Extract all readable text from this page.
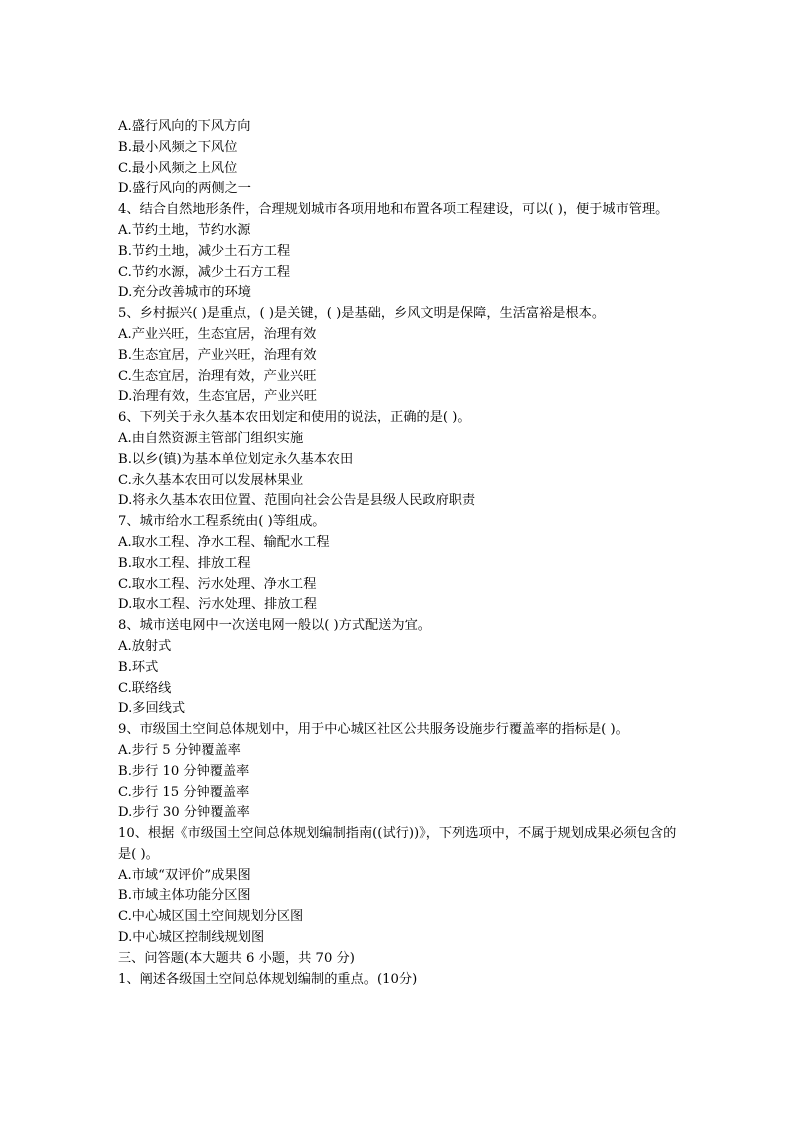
A.盛行风向的下风方向
B.最小风频之下风位
C.最小风频之上风位
D.盛行风向的两侧之一
4、结合自然地形条件，合理规划城市各项用地和布置各项工程建设，可以( )，便于城市管理。
A.节约土地，节约水源
B.节约土地，减少土石方工程
C.节约水源，减少土石方工程
D.充分改善城市的环境
5、乡村振兴( )是重点，( )是关键，( )是基础，乡风文明是保障，生活富裕是根本。
A.产业兴旺，生态宜居，治理有效
B.生态宜居，产业兴旺，治理有效
C.生态宜居，治理有效，产业兴旺
D.治理有效，生态宜居，产业兴旺
6、下列关于永久基本农田划定和使用的说法，正确的是( )。
A.由自然资源主管部门组织实施
B.以乡(镇)为基本单位划定永久基本农田
C.永久基本农田可以发展林果业
D.将永久基本农田位置、范围向社会公告是县级人民政府职责
7、城市给水工程系统由( )等组成。
A.取水工程、净水工程、输配水工程
B.取水工程、排放工程
C.取水工程、污水处理、净水工程
D.取水工程、污水处理、排放工程
8、城市送电网中一次送电网一般以( )方式配送为宜。
A.放射式
B.环式
C.联络线
D.多回线式
9、市级国土空间总体规划中，用于中心城区社区公共服务设施步行覆盖率的指标是( )。
A.步行 5 分钟覆盖率
B.步行 10 分钟覆盖率
C.步行 15 分钟覆盖率
D.步行 30 分钟覆盖率
10、根据《市级国土空间总体规划编制指南((试行))》，下列选项中，不属于规划成果必须包含的是( )。
A.市域“双评价”成果图
B.市域主体功能分区图
C.中心城区国土空间规划分区图
D.中心城区控制线规划图
三、问答题(本大题共 6 小题，共 70 分)
1、阐述各级国土空间总体规划编制的重点。(10分)
